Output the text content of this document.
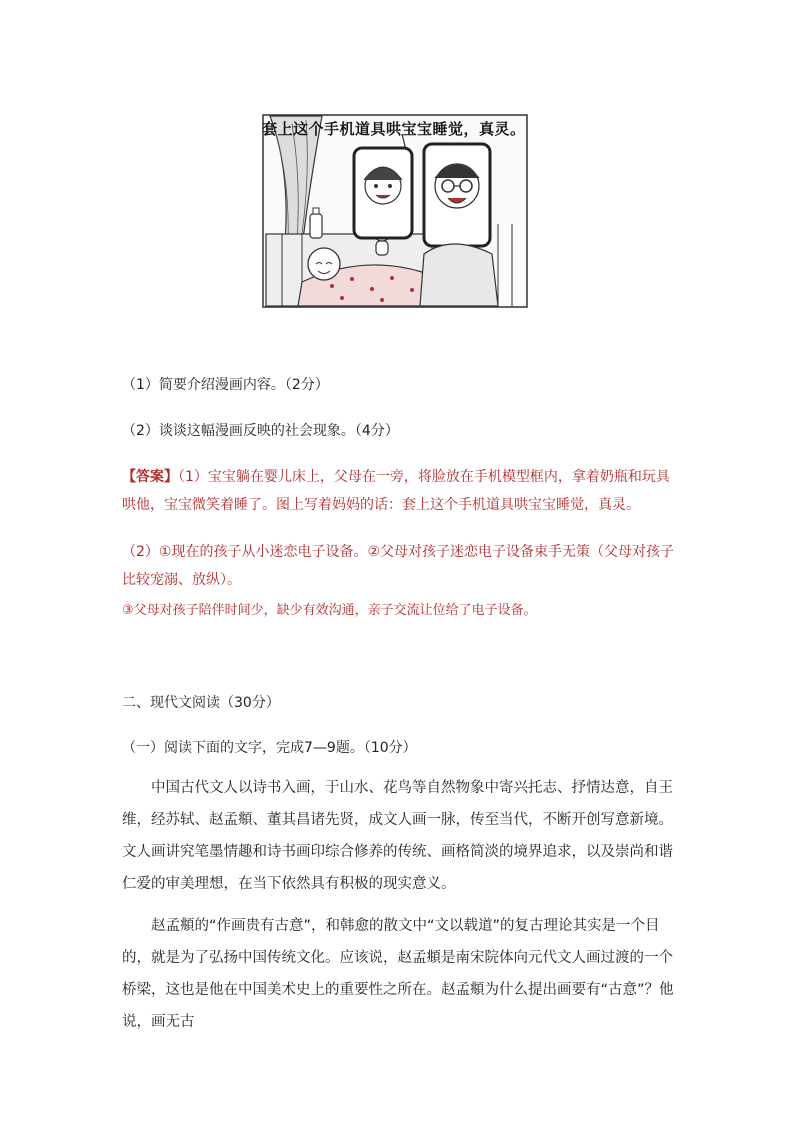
套上这个手机道具哄宝宝睡觉，真灵。
（1）简要介绍漫画内容。（2分）
（2）谈谈这幅漫画反映的社会现象。（4分）
【答案】（1）宝宝躺在婴儿床上，父母在一旁，将脸放在手机模型框内，拿着奶瓶和玩具
哄他，宝宝微笑着睡了。图上写着妈妈的话：套上这个手机道具哄宝宝睡觉，真灵。
（2）①现在的孩子从小迷恋电子设备。②父母对孩子迷恋电子设备束手无策（父母对孩子
比较宠溺、放纵）。
③父母对孩子陪伴时间少，缺少有效沟通，亲子交流让位给了电子设备。
二、现代文阅读（30分）
（一）阅读下面的文字，完成7—9题。（10分）
中国古代文人以诗书入画，于山水、花鸟等自然物象中寄兴托志、抒情达意，自王维，经苏轼、赵孟頫、董其昌诸先贤，成文人画一脉，传至当代，不断开创写意新境。文人画讲究笔墨情趣和诗书画印综合修养的传统、画格简淡的境界追求，以及崇尚和谐仁爱的审美理想，在当下依然具有积极的现实意义。
赵孟頫的“作画贵有古意”，和韩愈的散文中“文以载道”的复古理论其实是一个目的，就是为了弘扬中国传统文化。应该说，赵孟頫是南宋院体向元代文人画过渡的一个桥梁，这也是他在中国美术史上的重要性之所在。赵孟頫为什么提出画要有“古意”？他说，画无古
